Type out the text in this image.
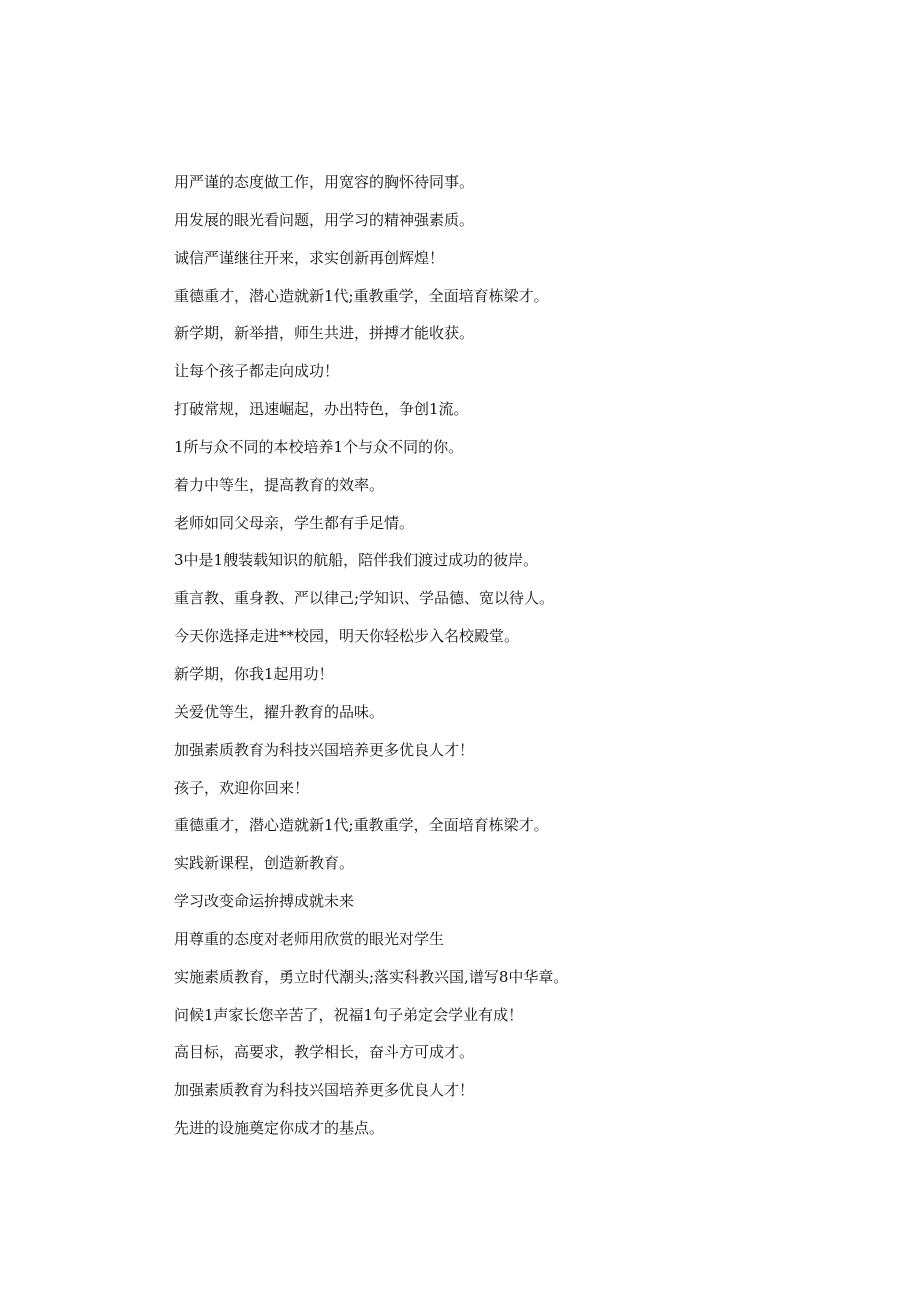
用严谨的态度做工作，用宽容的胸怀待同事。
用发展的眼光看问题，用学习的精神强素质。
诚信严谨继往开来，求实创新再创辉煌！
重德重才，潜心造就新1代;重教重学，全面培育栋梁才。
新学期，新举措，师生共进，拼搏才能收获。
让每个孩子都走向成功！
打破常规，迅速崛起，办出特色，争创1流。
1所与众不同的本校培养1个与众不同的你。
着力中等生，提高教育的效率。
老师如同父母亲，学生都有手足情。
3中是1艘装载知识的航船，陪伴我们渡过成功的彼岸。
重言教、重身教、严以律己;学知识、学品德、宽以待人。
今天你选择走进**校园，明天你轻松步入名校殿堂。
新学期，你我1起用功！
关爱优等生，擢升教育的品味。
加强素质教育为科技兴国培养更多优良人才！
孩子，欢迎你回来！
重德重才，潜心造就新1代;重教重学，全面培育栋梁才。
实践新课程，创造新教育。
学习改变命运拚搏成就未来
用尊重的态度对老师用欣赏的眼光对学生
实施素质教育，勇立时代潮头;落实科教兴国,谱写8中华章。
问候1声家长您辛苦了，祝福1句子弟定会学业有成！
高目标，高要求，教学相长，奋斗方可成才。
加强素质教育为科技兴国培养更多优良人才！
先进的设施奠定你成才的基点。
